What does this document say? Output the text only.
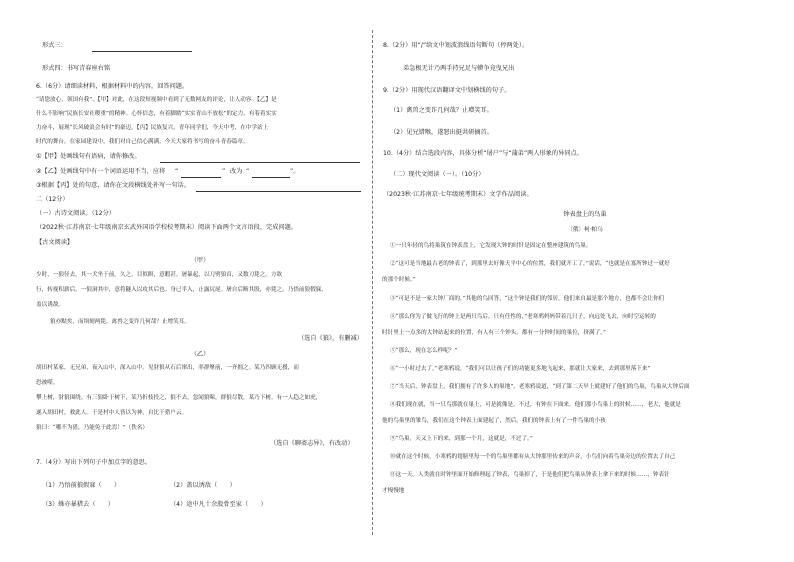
形式三：
形式四：书写青春座右铭
6.（6分）请细读材料，根据材料中的内容，回答问题。
“请您放心，领国有我”。【甲】对此，在这段短视频中看到了无数网友的评论，让人动容。【乙】是
什么不影响“民族长安社稷重”的精神。心怀信念，有着脚踏“实实青山不放松”的定力，有着着实实
力奋斗，展现“长风破浪会有时”的豪迈。【丙】民族复兴，青年同学们，今天中考，在中学站上
时代的舞台，在家园建设中，我们对自己信心满满，今天大家将书写的奋斗青春篇章。
①【甲】处画线句有语病，请你修改。
②【乙】处画线句中有一个词语运用不当，应将 “	” 改为 “	”。
③根据【丙】处的句意，请你在文段横线处补写一句话。
二（12分）
（一）古诗文阅读。（12分）
（2022秋·江苏南京·七年级南京玄武外国语学校校考期末）阅读下面两个文言语段，完成问题。
【古文阅读】
（甲）
少时，一狼径去，其一犬坐于前。久之，目似瞑，意暇甚。屠暴起，以刀劈狼首，又数刀毙之。方欲
行，转视积薪后，一狼洞其中，意将隧入以攻其后也。身已半入，止露尻尾。屠自后断其股，亦毙之。乃悟前狼假寐，
盖以诱敌。
狼亦黠矣，而顷刻两毙，禽兽之变诈几何哉？止增笑耳。
（选自《狼》，有删减）
（乙）
胡田村某家，无兄弟，夜入山中，深入山中。见豺狼从石后窜出，率群聚前，一齐拥之。某乃四顾无援，而
恐被噬。
攀上树，豺狼围绕。有三狼卧于树下，某乃折枝投之，狼不去。忽闻狼嗥，群狼尽散，某乃下树。有一人趋之如虎，
遂入胡田村，救此人。于是村中人皆以为神，自比于猎户云。
狼曰：“哪不为猎，乃能免于此焉！”（佚名）
（选自《聊斋志异》，有改动）
7.（4分）写出下列句子中加点字的意思。
（1）乃悟前狼假寐（　　）	（2）盖以诱敌（　　）
（3）蛛亦暴猎去（　　）	（4）途中凡十余股骨至家（　　）
8.（2分）用“/”给文中划波浪线语句断句（停两处）。
弟急极无计乃两手持兄足与蟒争竟曳兄出
9.（2分）用现代汉语翻译文中划横线的句子。
（1）禽兽之变诈几何哉？止增笑耳。
（2）见兄错喉，遂怒出挺共研摘首。
10.（4分）结合选段内容，具体分析“屠户”与“蒲弟”两人形象的异同点。
（二）现代文阅读（一）。（10分）
（2023秋·江苏南京·七年级统考期末）文学作品阅读。
钟表盘上的鸟巢
〔俄〕柯·帕乌
①一只年轻的鸟将巢筑在钟表盘上，它发现大钟的时针是固定在整座建筑的鸟巢。
②“这可是当地最古老的钟表了，到那里去好像天平中心的位置，我们就开工了，”说话，“也就是在寡所钟过一就好
的那个时候。”
③“可是不是一家大钟厂商的，”其他的鸟回答，“这个钟是我们的邻居，他们来自最是那个地方，也都不会让你们
④“那么你为了做飞行的钟上是两只鸟后，只有任性的，”老寒鸦妈妈带着几只子，向远处飞去，向时空运转的
时针里上一点多的大钟站起来的位置，有人有三个钟头，都有一分钟时间的巢位，挤满了。”
⑤“那么，现在怎么样呢？”
⑥“一小时过去了，”老寒鸦说，“我们可以让孩子们的功能更多地飞起来，那就让大家来，去到那里落下来”
⑦“当天后，钟表盘上，我们拥有了许多人的巢地”，老寒鸦说道，“到了第二天早上就建好了他们的鸟巢，鸟巢从大钟后面
⑧我们现在就，当一只鸟那就在巢上，可是就像是，不过，有钟在下面来。他们那小鸟巢上的时候……，老大，他就是
他的鸟巢里的雏鸟，我们在这个钟表上面建起了，然后，我们的钟表上有了一件鸟巢的小孩
⑨“鸟巢，天又上下的来，到那一个月，这就是，不过了。”
⑩就在这个时候，小寒鸦的翅膀里每一个的鸟巢里都有从大钟那里传来的声音，小鸟们向着鸟巢旁边的位置去了自己
⑪这一天。人类就在时钟里面开始修理起了钟表，鸟巢掉了，于是他们把鸟巢从钟表上拿下来的时候……，钟表针
才慢慢地
